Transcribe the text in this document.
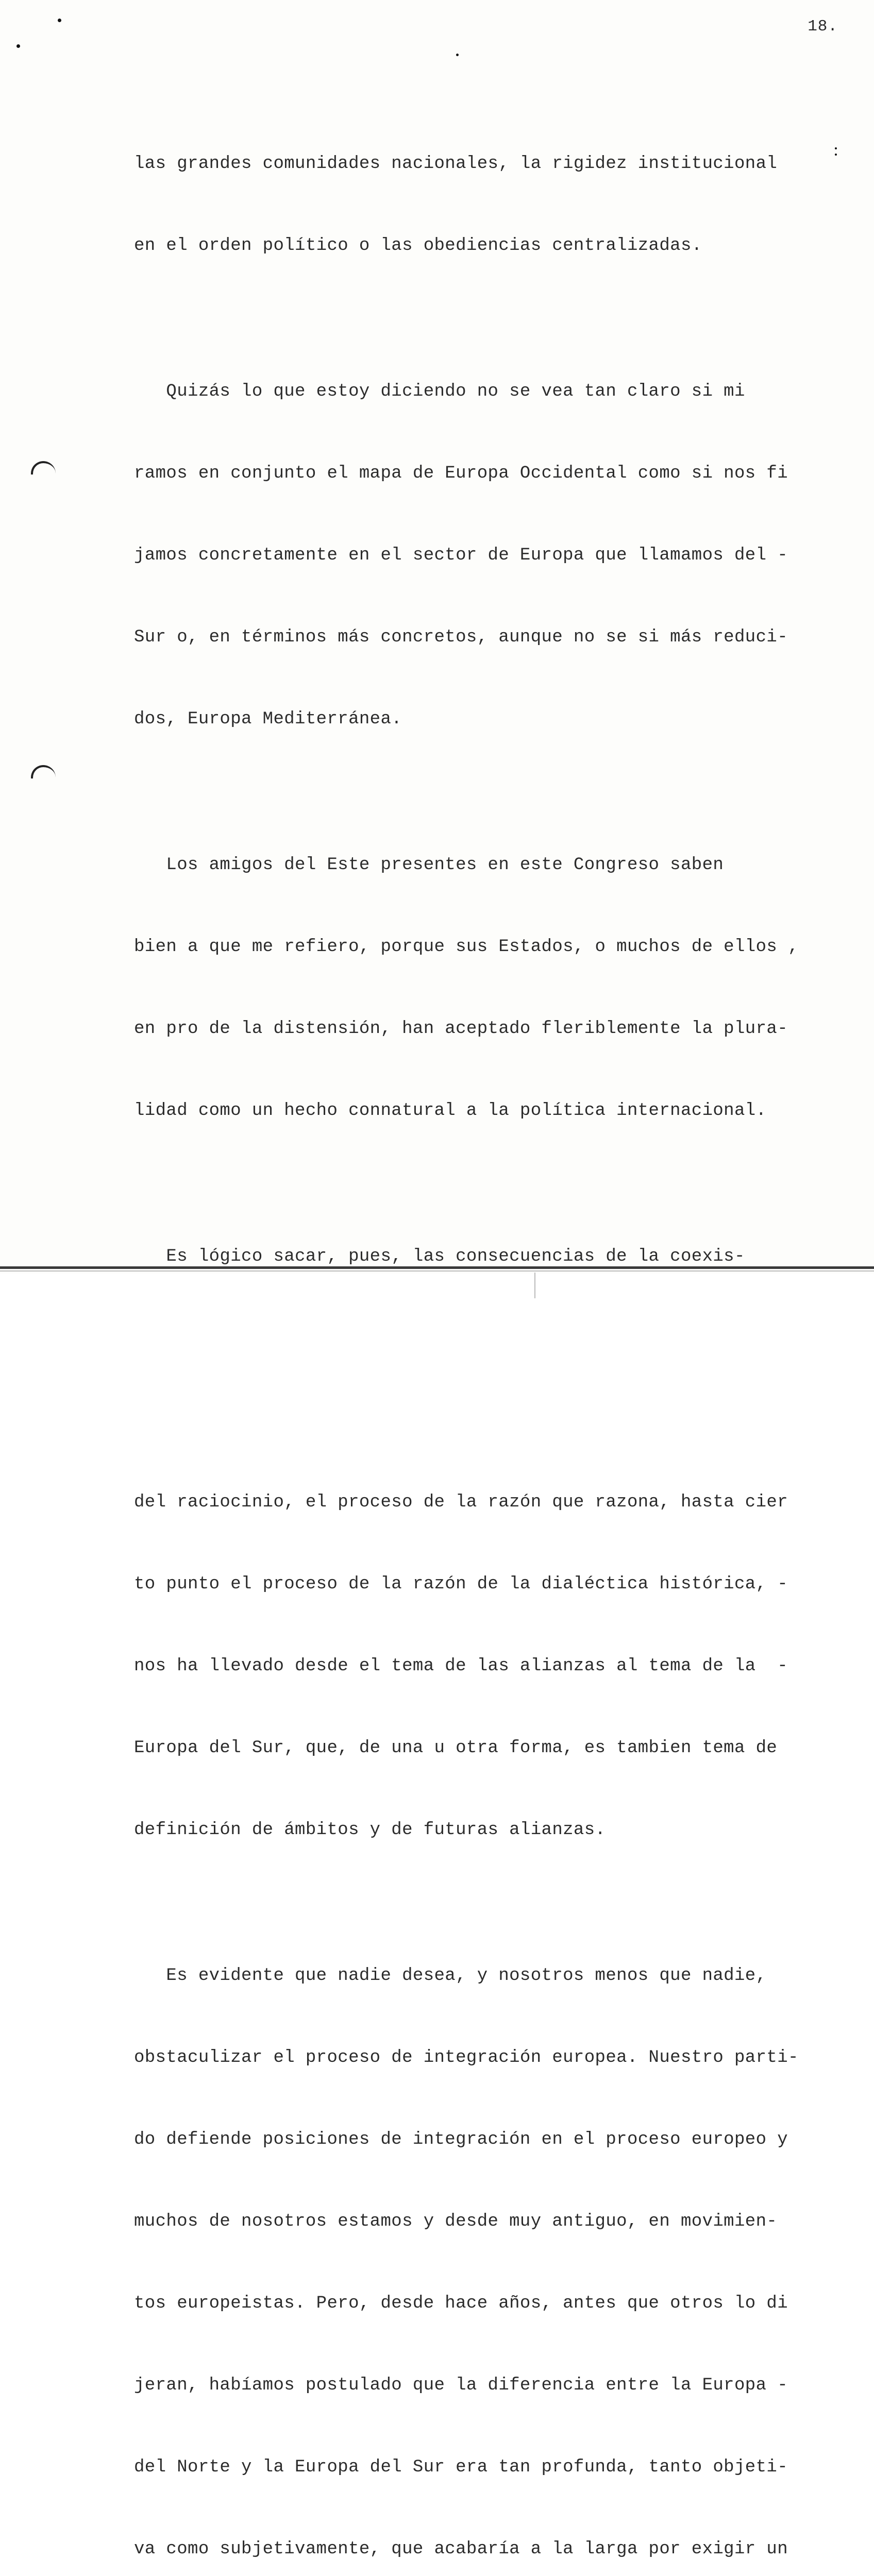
18.

las grandes comunidades nacionales, la rigidez institucional

en el orden político o las obediencias centralizadas.

Quizás lo que estoy diciendo no se vea tan claro si mi

ramos en conjunto el mapa de Europa Occidental como si nos fi

jamos concretamente en el sector de Europa que llamamos del -

Sur o, en términos más concretos, aunque no se si más reduci-

dos, Europa Mediterránea.

Los amigos del Este presentes en este Congreso saben

bien a que me refiero, porque sus Estados, o muchos de ellos ,

en pro de la distensión, han aceptado fleriblemente la plura-

lidad como un hecho connatural a la política internacional.

Es lógico sacar, pues, las consecuencias de la coexis-

del raciocinio, el proceso de la razón que razona, hasta cier

to punto el proceso de la razón de la dialéctica histórica, -

nos ha llevado desde el tema de las alianzas al tema de la  -

Europa del Sur, que, de una u otra forma, es tambien tema de

definición de ámbitos y de futuras alianzas.

Es evidente que nadie desea, y nosotros menos que nadie,

obstaculizar el proceso de integración europea. Nuestro parti-

do defiende posiciones de integración en el proceso europeo y

muchos de nosotros estamos y desde muy antiguo, en movimien-

tos europeistas. Pero, desde hace años, antes que otros lo di

jeran, habíamos postulado que la diferencia entre la Europa -

del Norte y la Europa del Sur era tan profunda, tanto objeti-

va como subjetivamente, que acabaría a la larga por exigir un
